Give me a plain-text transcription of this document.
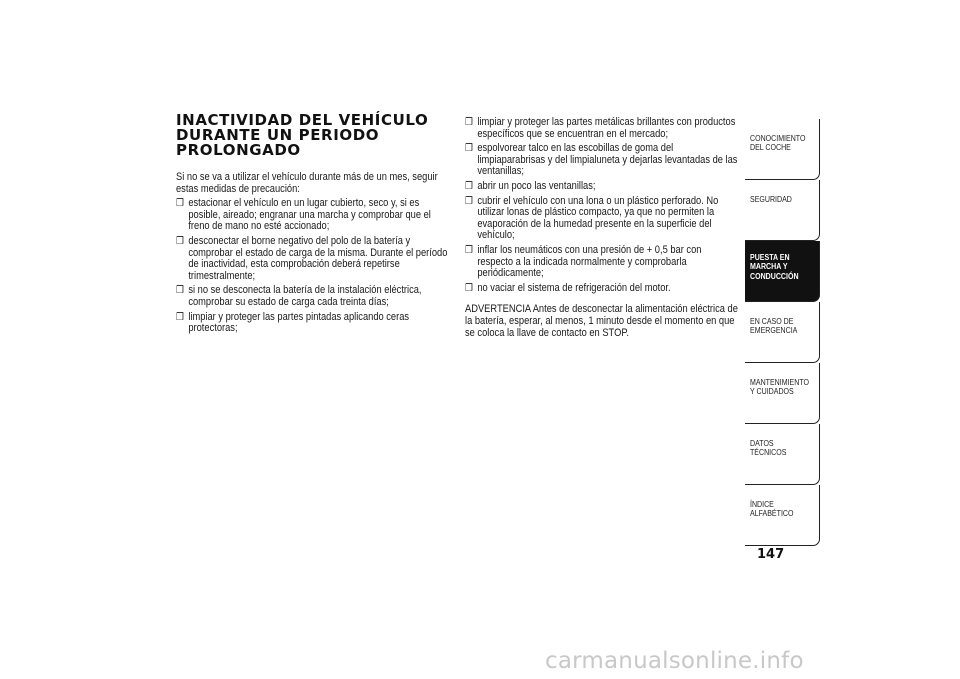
INACTIVIDAD DEL VEHÍCULO
DURANTE UN PERIODO
PROLONGADO

Si no se va a utilizar el vehículo durante más de un mes, seguir estas medidas de precaución:

❒ estacionar el vehículo en un lugar cubierto, seco y, si es posible, aireado; engranar una marcha y comprobar que el freno de mano no esté accionado;
❒ desconectar el borne negativo del polo de la batería y comprobar el estado de carga de la misma. Durante el período de inactividad, esta comprobación deberá repetirse trimestralmente;
❒ si no se desconecta la batería de la instalación eléctrica, comprobar su estado de carga cada treinta días;
❒ limpiar y proteger las partes pintadas aplicando ceras protectoras;
❒ limpiar y proteger las partes metálicas brillantes con productos específicos que se encuentran en el mercado;
❒ espolvorear talco en las escobillas de goma del limpiaparabrisas y del limpialuneta y dejarlas levantadas de las ventanillas;
❒ abrir un poco las ventanillas;
❒ cubrir el vehículo con una lona o un plástico perforado. No utilizar lonas de plástico compacto, ya que no permiten la evaporación de la humedad presente en la superficie del vehículo;
❒ inflar los neumáticos con una presión de + 0,5 bar con respecto a la indicada normalmente y comprobarla periódicamente;
❒ no vaciar el sistema de refrigeración del motor.

ADVERTENCIA Antes de desconectar la alimentación eléctrica de la batería, esperar, al menos, 1 minuto desde el momento en que se coloca la llave de contacto en STOP.

CONOCIMIENTO DEL COCHE
SEGURIDAD
PUESTA EN MARCHA Y CONDUCCIÓN
EN CASO DE EMERGENCIA
MANTENIMIENTO Y CUIDADOS
DATOS TÉCNICOS
ÍNDICE ALFABÉTICO
147
carmanualsonline.info
